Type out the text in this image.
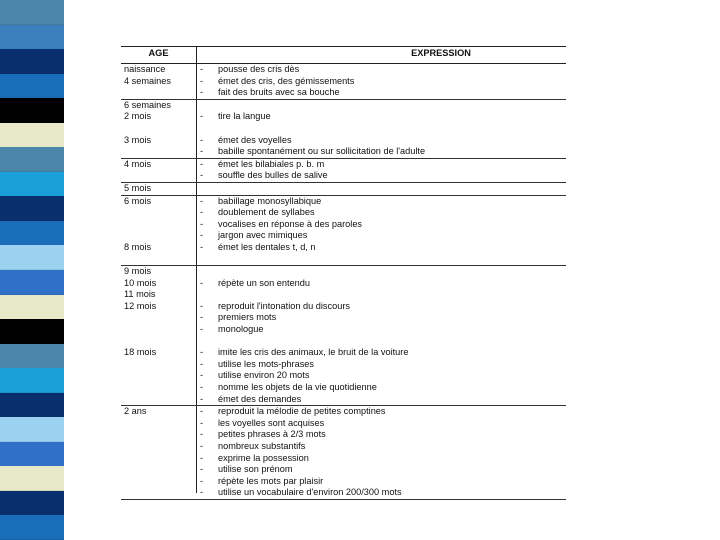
AGE	EXPRESSION
naissance	- pousse des cris dès
4 semaines	- émet des cris, des gémissements
- fait des bruits avec sa bouche
6 semaines
2 mois	- tire la langue
3 mois	- émet des voyelles
- babille spontanément ou sur sollicitation de l'adulte
4 mois	- émet les bilabiales p. b. m
- souffle des bulles de salive
5 mois
6 mois	- babillage monosyllabique
- doublement de syllabes
- vocalises en réponse à des paroles
- jargon avec mimiques
8 mois	- émet les dentales t, d, n
9 mois
10 mois	- répète un son entendu
11 mois
12 mois	- reproduit l'intonation du discours
- premiers mots
- monologue
18 mois	- imite les cris des animaux, le bruit de la voiture
- utilise les mots-phrases
- utilise environ 20 mots
- nomme les objets de la vie quotidienne
- émet des demandes
2 ans	- reproduit la mélodie de petites comptines
- les voyelles sont acquises
- petites phrases à 2/3 mots
- nombreux substantifs
- exprime la possession
- utilise son prénom
- répète les mots par plaisir
- utilise un vocabulaire d'environ 200/300 mots
